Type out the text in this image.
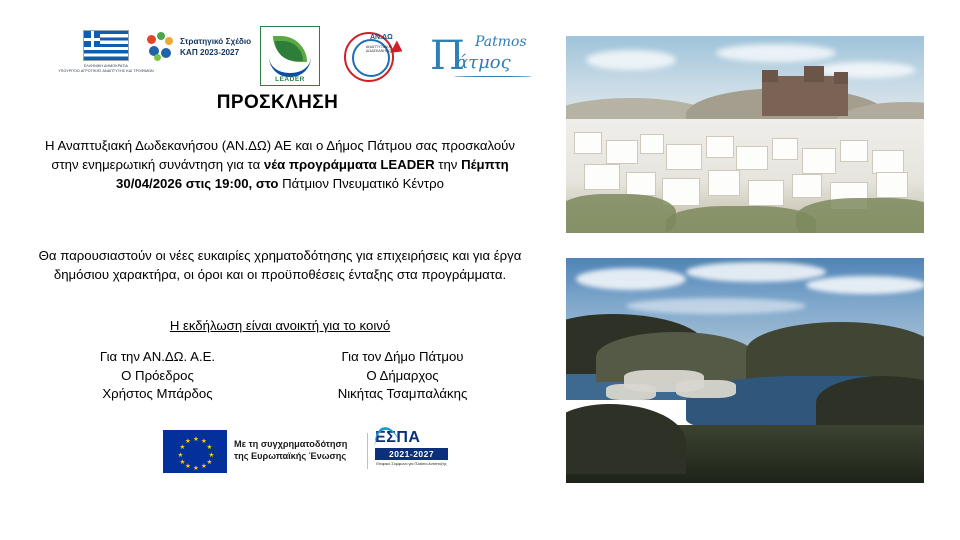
ΕΛΛΗΝΙΚΗ ΔΗΜΟΚΡΑΤΙΑ
ΥΠΟΥΡΓΕΙΟ ΑΓΡΟΤΙΚΗΣ ΑΝΑΠΤΥΞΗΣ ΚΑΙ ΤΡΟΦΙΜΩΝ
Στρατηγικό Σχέδιο
ΚΑΠ 2023-2027
LEADER
ΑΝ.ΔΩ
ΑΝΑΠΤΥΞΙΑΚΗ ΔΩΔΕΚΑΝΗΣΟΥ Π Patmos
άτμος
ΠΡΟΣΚΛΗΣΗ
Η Αναπτυξιακή Δωδεκανήσου (ΑΝ.ΔΩ) ΑΕ και ο Δήμος Πάτμου σας προσκαλούν στην ενημερωτική συνάντηση για τα νέα προγράμματα LEADER την Πέμπτη 30/04/2026 στις 19:00, στο Πάτμιον Πνευματικό Κέντρο
Θα παρουσιαστούν οι νέες ευκαιρίες χρηματοδότησης για επιχειρήσεις και για έργα δημόσιου χαρακτήρα, οι όροι και οι προϋποθέσεις ένταξης στα προγράμματα.
Η εκδήλωση είναι ανοικτή για το κοινό
Για την ΑΝ.ΔΩ. Α.Ε.
Ο Πρόεδρος
Χρήστος Μπάρδος
Για τον Δήμο Πάτμου
Ο Δήμαρχος
Νικήτας Τσαμπαλάκης
★ ★
★
★
★
★
★
★
★
★
★
★	Με τη συγχρηματοδότηση
της Ευρωπαϊκής Ένωσης
ΕΣΠΑ
2021-2027
Εταιρικό Σύμφωνο για Πλαίσιο Ανάπτυξης
